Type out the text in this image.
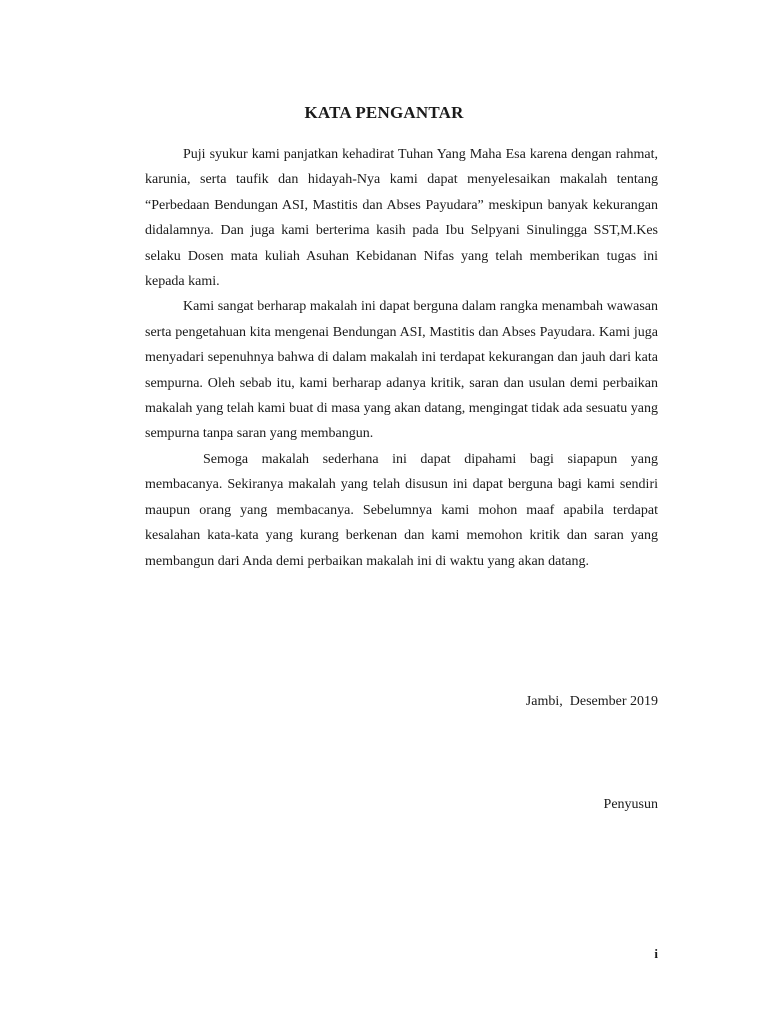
KATA PENGANTAR

Puji syukur kami panjatkan kehadirat Tuhan Yang Maha Esa karena dengan rahmat, karunia, serta taufik dan hidayah-Nya kami dapat menyelesaikan makalah tentang “Perbedaan Bendungan ASI, Mastitis dan Abses Payudara” meskipun banyak kekurangan didalamnya. Dan juga kami berterima kasih pada Ibu Selpyani Sinulingga SST,M.Kes selaku Dosen mata kuliah Asuhan Kebidanan Nifas yang telah memberikan tugas ini kepada kami.

Kami sangat berharap makalah ini dapat berguna dalam rangka menambah wawasan serta pengetahuan kita mengenai Bendungan ASI, Mastitis dan Abses Payudara. Kami juga menyadari sepenuhnya bahwa di dalam makalah ini terdapat kekurangan dan jauh dari kata sempurna. Oleh sebab itu, kami berharap adanya kritik, saran dan usulan demi perbaikan makalah yang telah kami buat di masa yang akan datang, mengingat tidak ada sesuatu yang sempurna tanpa saran yang membangun.

Semoga makalah sederhana ini dapat dipahami bagi siapapun yang membacanya. Sekiranya makalah yang telah disusun ini dapat berguna bagi kami sendiri maupun orang yang membacanya. Sebelumnya kami mohon maaf apabila terdapat kesalahan kata-kata yang kurang berkenan dan kami memohon kritik dan saran yang membangun dari Anda demi perbaikan makalah ini di waktu yang akan datang.

Jambi,  Desember 2019
Penyusun
i
